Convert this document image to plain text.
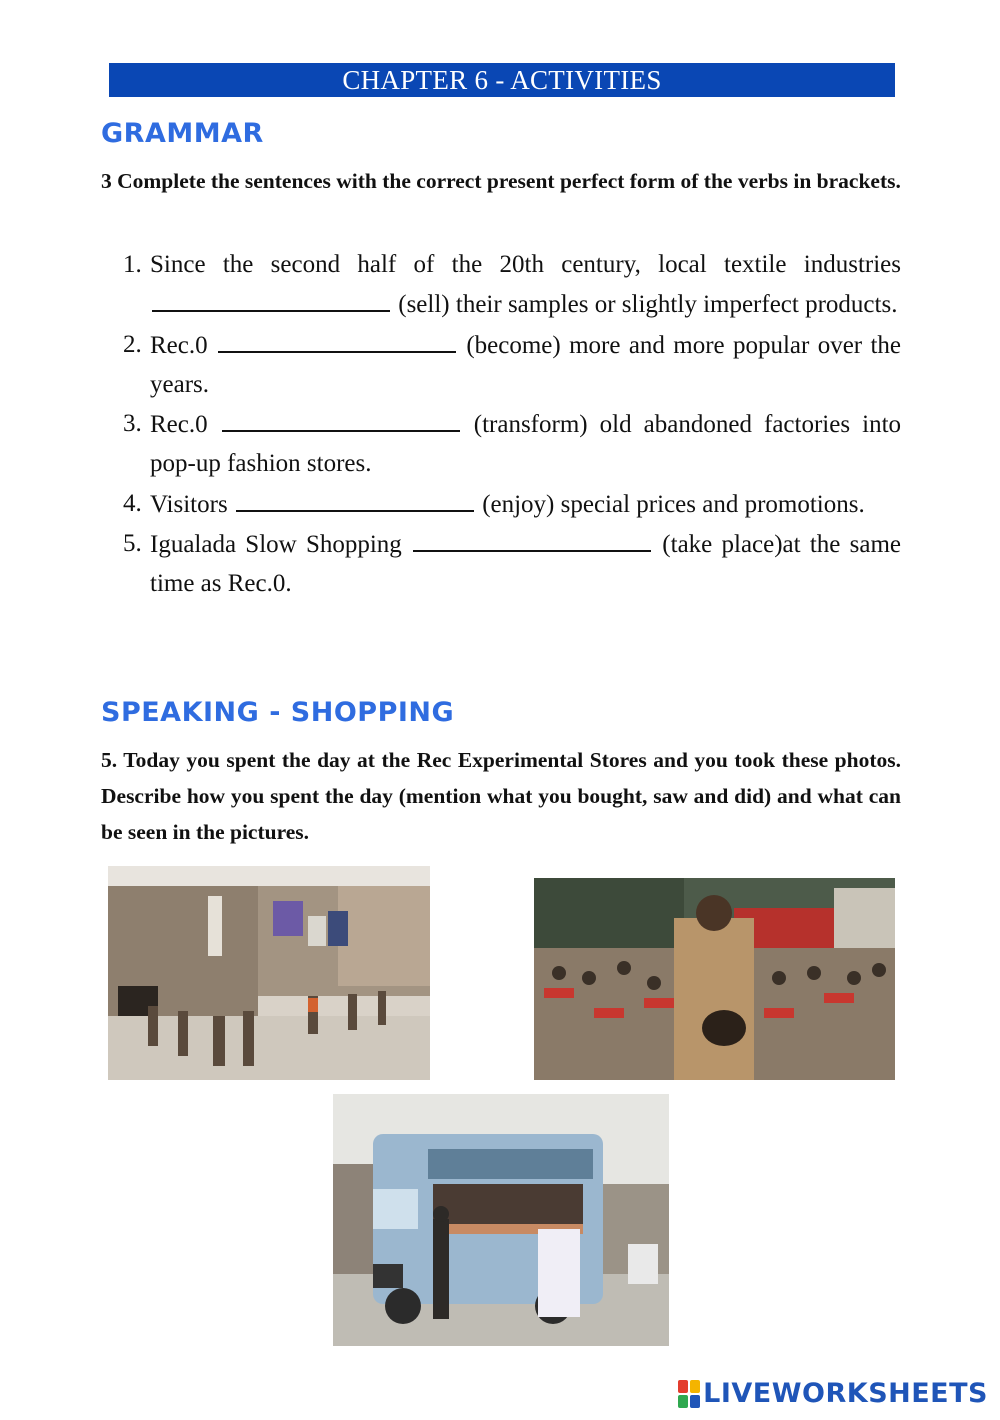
CHAPTER 6 - ACTIVITIES
GRAMMAR
3 Complete the sentences with the correct present perfect form of the verbs in brackets.
1. Since the second half of the 20th century, local textile industries  (sell) their samples or slightly imperfect products.
2. Rec.0	(become) more and more popular over the years.
3. Rec.0	(transform) old abandoned factories into pop-up fashion stores.
4. Visitors	(enjoy) special prices and promotions.
5. Igualada Slow Shopping	(take place)at the same time as Rec.0.
SPEAKING - SHOPPING
5. Today you spent the day at the Rec Experimental Stores and you took these photos. Describe how you spent the day (mention what you bought, saw and did) and what can be seen in the pictures.
LIVEWORKSHEETS
